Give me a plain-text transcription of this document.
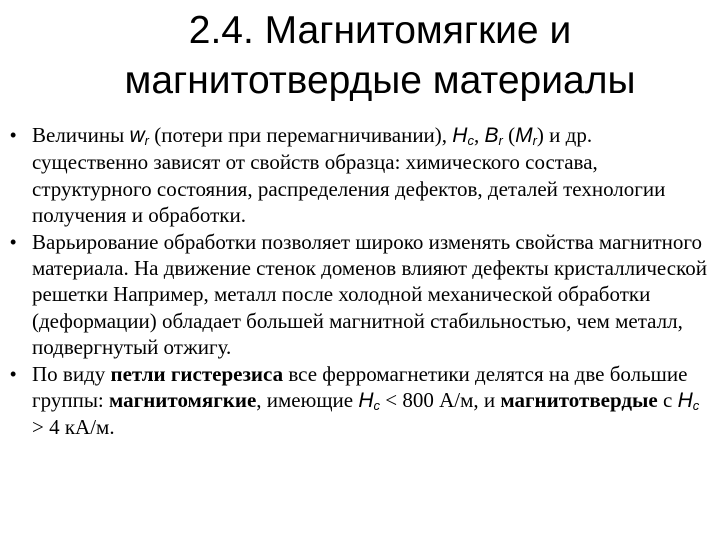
2.4. Магнитомягкие и
магнитотвердые материалы
• Величины $w_r$ (потери при перемагничивании), $H_c$, $B_r$ $(M_r)$ и др. существенно зависят от свойств образца: химического состава, структурного состояния, распределения дефектов, деталей технологии получения и обработки.
• Варьирование обработки позволяет широко изменять свойства магнитного материала. На движение стенок доменов влияют дефекты кристаллической решетки Например, металл после холодной механической обработки (деформации) обладает большей магнитной стабильностью, чем металл, подвергнутый отжигу.
• По виду петли гистерезиса все ферромагнетики делятся на две большие группы: магнитомягкие, имеющие $H_c < 800$ А/м, и магнитотвердые с $H_c > 4$ кА/м.
